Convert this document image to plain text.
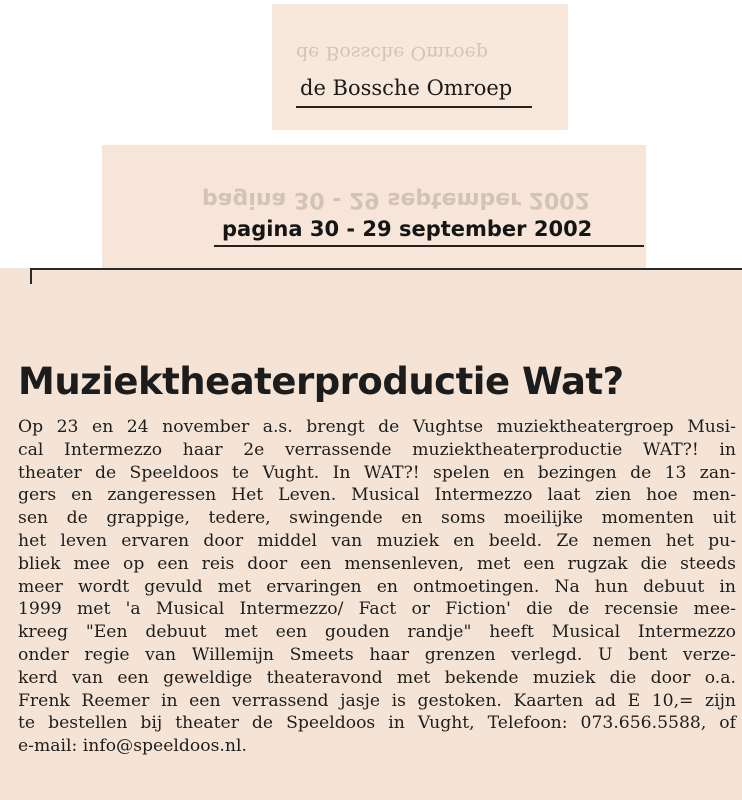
de Bossche Omroep
de Bossche Omroep
pagina 30 - 29 september 2002
pagina 30 - 29 september 2002
Muziektheaterproductie Wat?
Op 23 en 24 november a.s. brengt de Vughtse muziektheatergroep Musi-
cal Intermezzo haar 2e verrassende muziektheaterproductie WAT?! in
theater de Speeldoos te Vught. In WAT?! spelen en bezingen de 13 zan-
gers en zangeressen Het Leven. Musical Intermezzo laat zien hoe men-
sen de grappige, tedere, swingende en soms moeilijke momenten uit
het leven ervaren door middel van muziek en beeld. Ze nemen het pu-
bliek mee op een reis door een mensenleven, met een rugzak die steeds
meer wordt gevuld met ervaringen en ontmoetingen. Na hun debuut in
1999 met 'a Musical Intermezzo/ Fact or Fiction' die de recensie mee-
kreeg "Een debuut met een gouden randje" heeft Musical Intermezzo
onder regie van Willemijn Smeets haar grenzen verlegd. U bent verze-
kerd van een geweldige theateravond met bekende muziek die door o.a.
Frenk Reemer in een verrassend jasje is gestoken. Kaarten ad E 10,= zijn
te bestellen bij theater de Speeldoos in Vught, Telefoon: 073.656.5588, of
e-mail: info@speeldoos.nl.
